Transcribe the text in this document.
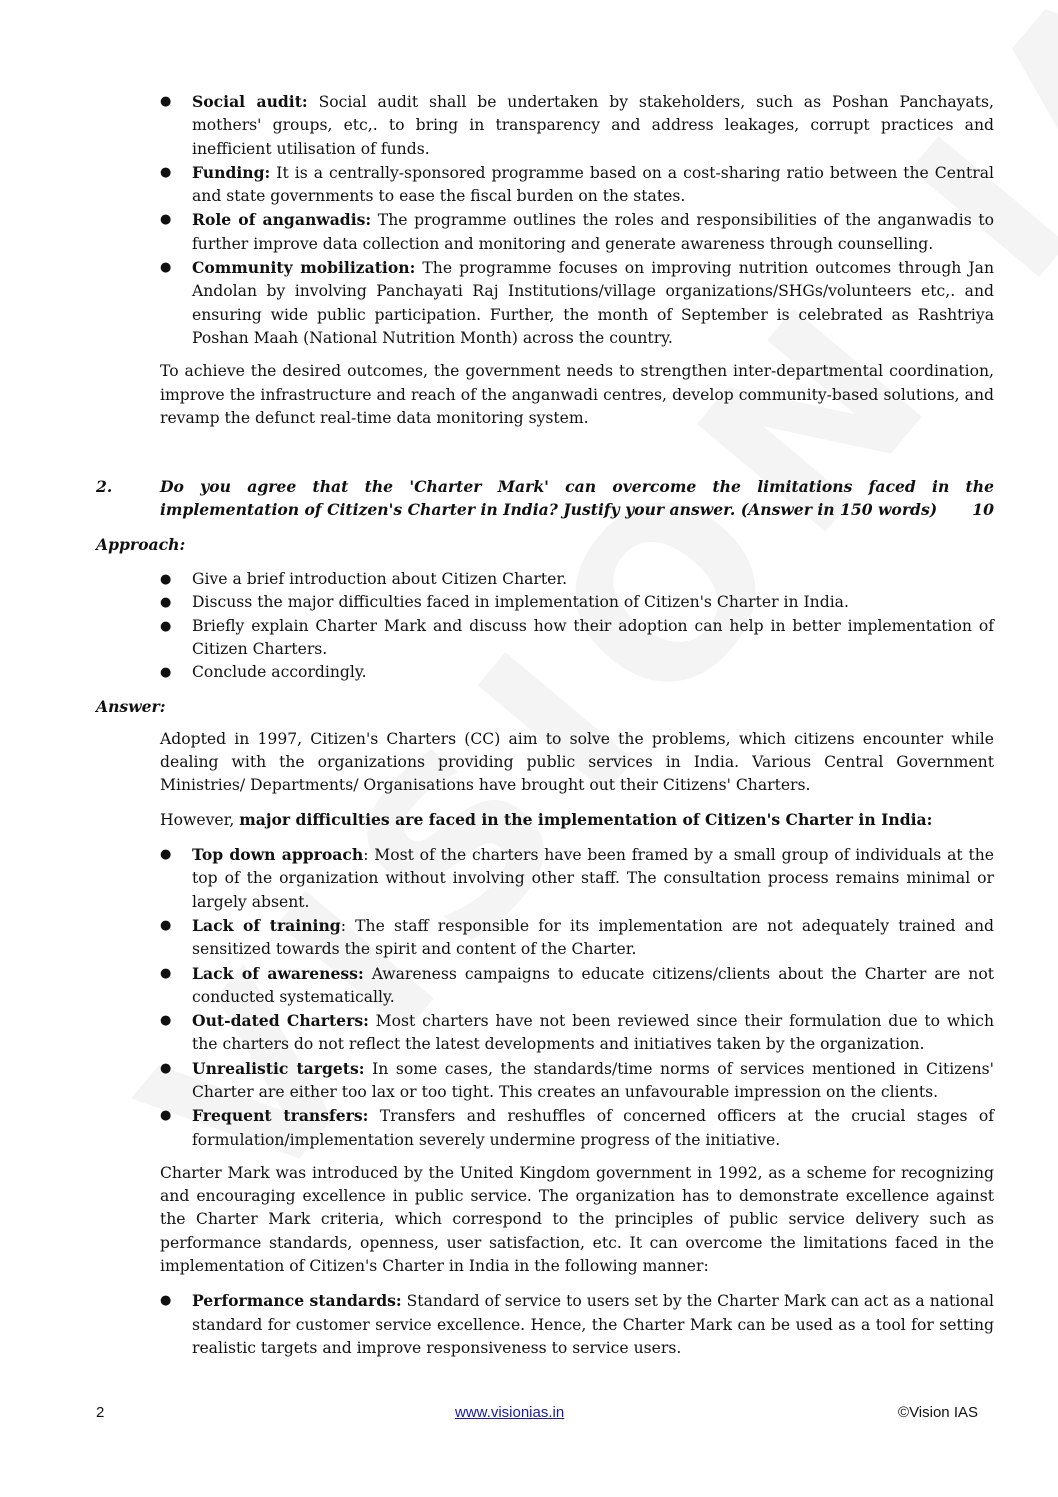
●	Social audit: Social audit shall be undertaken by stakeholders, such as Poshan Panchayats, mothers' groups, etc,. to bring in transparency and address leakages, corrupt practices and inefficient utilisation of funds.
●	Funding: It is a centrally-sponsored programme based on a cost-sharing ratio between the Central and state governments to ease the fiscal burden on the states.
●	Role of anganwadis: The programme outlines the roles and responsibilities of the anganwadis to further improve data collection and monitoring and generate awareness through counselling.
●	Community mobilization: The programme focuses on improving nutrition outcomes through Jan Andolan by involving Panchayati Raj Institutions/village organizations/SHGs/volunteers etc,. and ensuring wide public participation. Further, the month of September is celebrated as Rashtriya Poshan Maah (National Nutrition Month) across the country.

To achieve the desired outcomes, the government needs to strengthen inter-departmental coordination, improve the infrastructure and reach of the anganwadi centres, develop community-based solutions, and revamp the defunct real-time data monitoring system.

2.	Do you agree that the 'Charter Mark' can overcome the limitations faced in the implementation of Citizen's Charter in India? Justify your answer. (Answer in 150 words) 10

Approach:

●	Give a brief introduction about Citizen Charter.
●	Discuss the major difficulties faced in implementation of Citizen's Charter in India.
●	Briefly explain Charter Mark and discuss how their adoption can help in better implementation of Citizen Charters.
●	Conclude accordingly.

Answer:

Adopted in 1997, Citizen's Charters (CC) aim to solve the problems, which citizens encounter while dealing with the organizations providing public services in India. Various Central Government Ministries/ Departments/ Organisations have brought out their Citizens' Charters.

However, major difficulties are faced in the implementation of Citizen's Charter in India:

●	Top down approach: Most of the charters have been framed by a small group of individuals at the top of the organization without involving other staff. The consultation process remains minimal or largely absent.
●	Lack of training: The staff responsible for its implementation are not adequately trained and sensitized towards the spirit and content of the Charter.
●	Lack of awareness: Awareness campaigns to educate citizens/clients about the Charter are not conducted systematically.
●	Out-dated Charters: Most charters have not been reviewed since their formulation due to which the charters do not reflect the latest developments and initiatives taken by the organization.
●	Unrealistic targets: In some cases, the standards/time norms of services mentioned in Citizens' Charter are either too lax or too tight. This creates an unfavourable impression on the clients.
●	Frequent transfers: Transfers and reshuffles of concerned officers at the crucial stages of formulation/implementation severely undermine progress of the initiative.

Charter Mark was introduced by the United Kingdom government in 1992, as a scheme for recognizing and encouraging excellence in public service. The organization has to demonstrate excellence against the Charter Mark criteria, which correspond to the principles of public service delivery such as performance standards, openness, user satisfaction, etc. It can overcome the limitations faced in the implementation of Citizen's Charter in India in the following manner:

●	Performance standards: Standard of service to users set by the Charter Mark can act as a national standard for customer service excellence. Hence, the Charter Mark can be used as a tool for setting realistic targets and improve responsiveness to service users.
2	www.visionias.in	©Vision IAS
